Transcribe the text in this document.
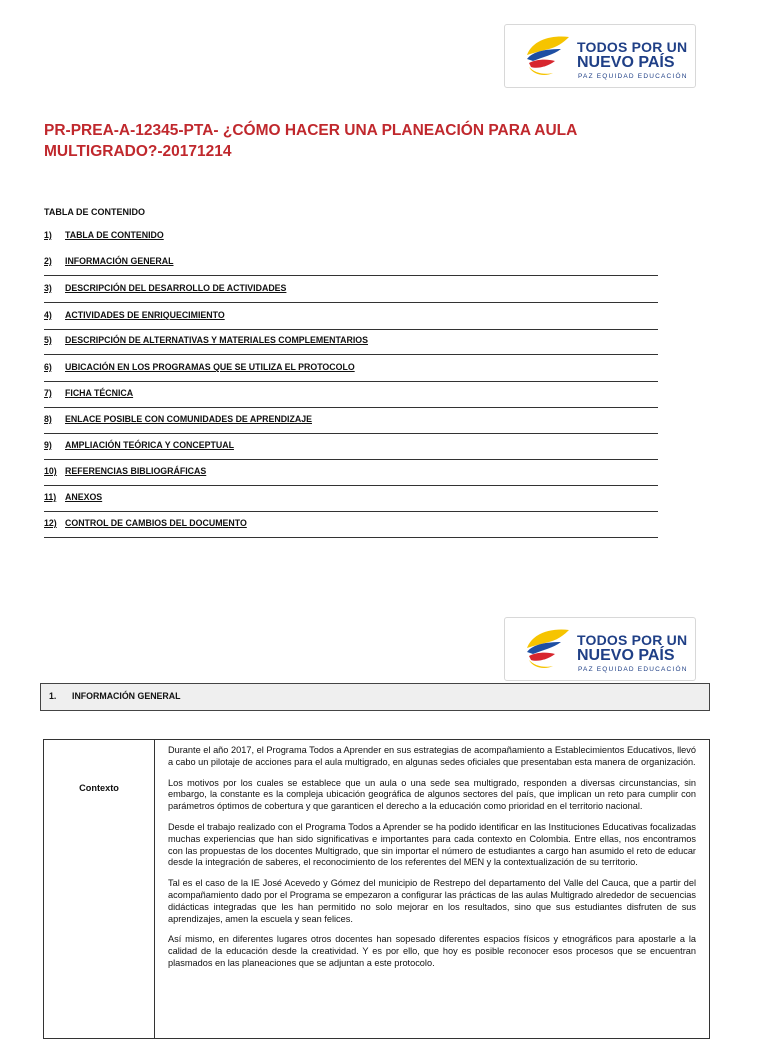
TODOS POR UN
NUEVO PAÍS
PAZ EQUIDAD EDUCACIÓN
PR-PREA-A-12345-PTA- ¿CÓMO HACER UNA PLANEACIÓN PARA AULA MULTIGRADO?-20171214
TABLA DE CONTENIDO
1) TABLA DE CONTENIDO
2) INFORMACIÓN GENERAL
3) DESCRIPCIÓN DEL DESARROLLO DE ACTIVIDADES
4) ACTIVIDADES DE ENRIQUECIMIENTO
5) DESCRIPCIÓN DE ALTERNATIVAS Y MATERIALES COMPLEMENTARIOS
6) UBICACIÓN EN LOS PROGRAMAS QUE SE UTILIZA EL PROTOCOLO
7) FICHA TÉCNICA
8) ENLACE POSIBLE CON COMUNIDADES DE APRENDIZAJE
9) AMPLIACIÓN TEÓRICA Y CONCEPTUAL
10) REFERENCIAS BIBLIOGRÁFICAS
11) ANEXOS
12) CONTROL DE CAMBIOS DEL DOCUMENTO
TODOS POR UN
NUEVO PAÍS
PAZ EQUIDAD EDUCACIÓN
1. INFORMACIÓN GENERAL
Contexto

Durante el año 2017, el Programa Todos a Aprender en sus estrategias de acompañamiento a Establecimientos Educativos, llevó a cabo un pilotaje de acciones para el aula multigrado, en algunas sedes oficiales que presentaban esta manera de organización.

Los motivos por los cuales se establece que un aula o una sede sea multigrado, responden a diversas circunstancias, sin embargo, la constante es la compleja ubicación geográfica de algunos sectores del país, que implican un reto para cumplir con parámetros óptimos de cobertura y que garanticen el derecho a la educación como prioridad en el territorio nacional.

Desde el trabajo realizado con el Programa Todos a Aprender se ha podido identificar en las Instituciones Educativas focalizadas muchas experiencias que han sido significativas e importantes para cada contexto en Colombia. Entre ellas, nos encontramos con las propuestas de los docentes Multigrado, que sin importar el número de estudiantes a cargo han asumido el reto de educar desde la integración de saberes, el reconocimiento de los referentes del MEN y la contextualización de su territorio.

Tal es el caso de la IE José Acevedo y Gómez del municipio de Restrepo del departamento del Valle del Cauca, que a partir del acompañamiento dado por el Programa se empezaron a configurar las prácticas de las aulas Multigrado alrededor de secuencias didácticas integradas que les han permitido no solo mejorar en los resultados, sino que sus estudiantes disfruten de sus aprendizajes, amen la escuela y sean felices.

Así mismo, en diferentes lugares otros docentes han sopesado diferentes espacios físicos y etnográficos para apostarle a la calidad de la educación desde la creatividad. Y es por ello, que hoy es posible reconocer esos procesos que se encuentran plasmados en las planeaciones que se adjuntan a este protocolo.
